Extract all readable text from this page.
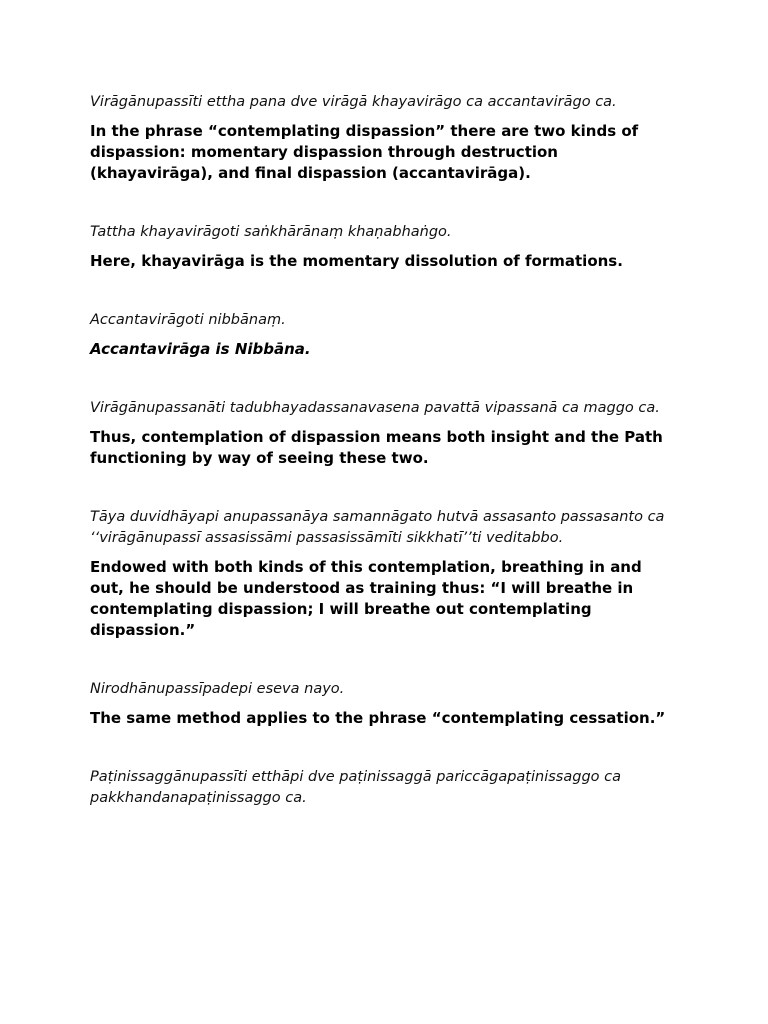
Virāgānupassīti ettha pana dve virāgā khayavirāgo ca accantavirāgo ca.

In the phrase “contemplating dispassion” there are two kinds of dispassion: momentary dispassion through destruction (khayavirāga), and final dispassion (accantavirāga).

Tattha khayavirāgoti saṅkhārānaṃ khaṇabhaṅgo.

Here, khayavirāga is the momentary dissolution of formations.

Accantavirāgoti nibbānaṃ.

Accantavirāga is Nibbāna.

Virāgānupassanāti tadubhayadassanavasena pavattā vipassanā ca maggo ca.

Thus, contemplation of dispassion means both insight and the Path functioning by way of seeing these two.

Tāya duvidhāyapi anupassanāya samannāgato hutvā assasanto passasanto ca ‘‘virāgānupassī assasissāmi passasissāmīti sikkhatī’’ti veditabbo.

Endowed with both kinds of this contemplation, breathing in and out, he should be understood as training thus: “I will breathe in contemplating dispassion; I will breathe out contemplating dispassion.”

Nirodhānupassīpadepi eseva nayo.

The same method applies to the phrase “contemplating cessation.”

Paṭinissaggānupassīti etthāpi dve paṭinissaggā pariccāgapaṭinissaggo ca pakkhandanapaṭinissaggo ca.
